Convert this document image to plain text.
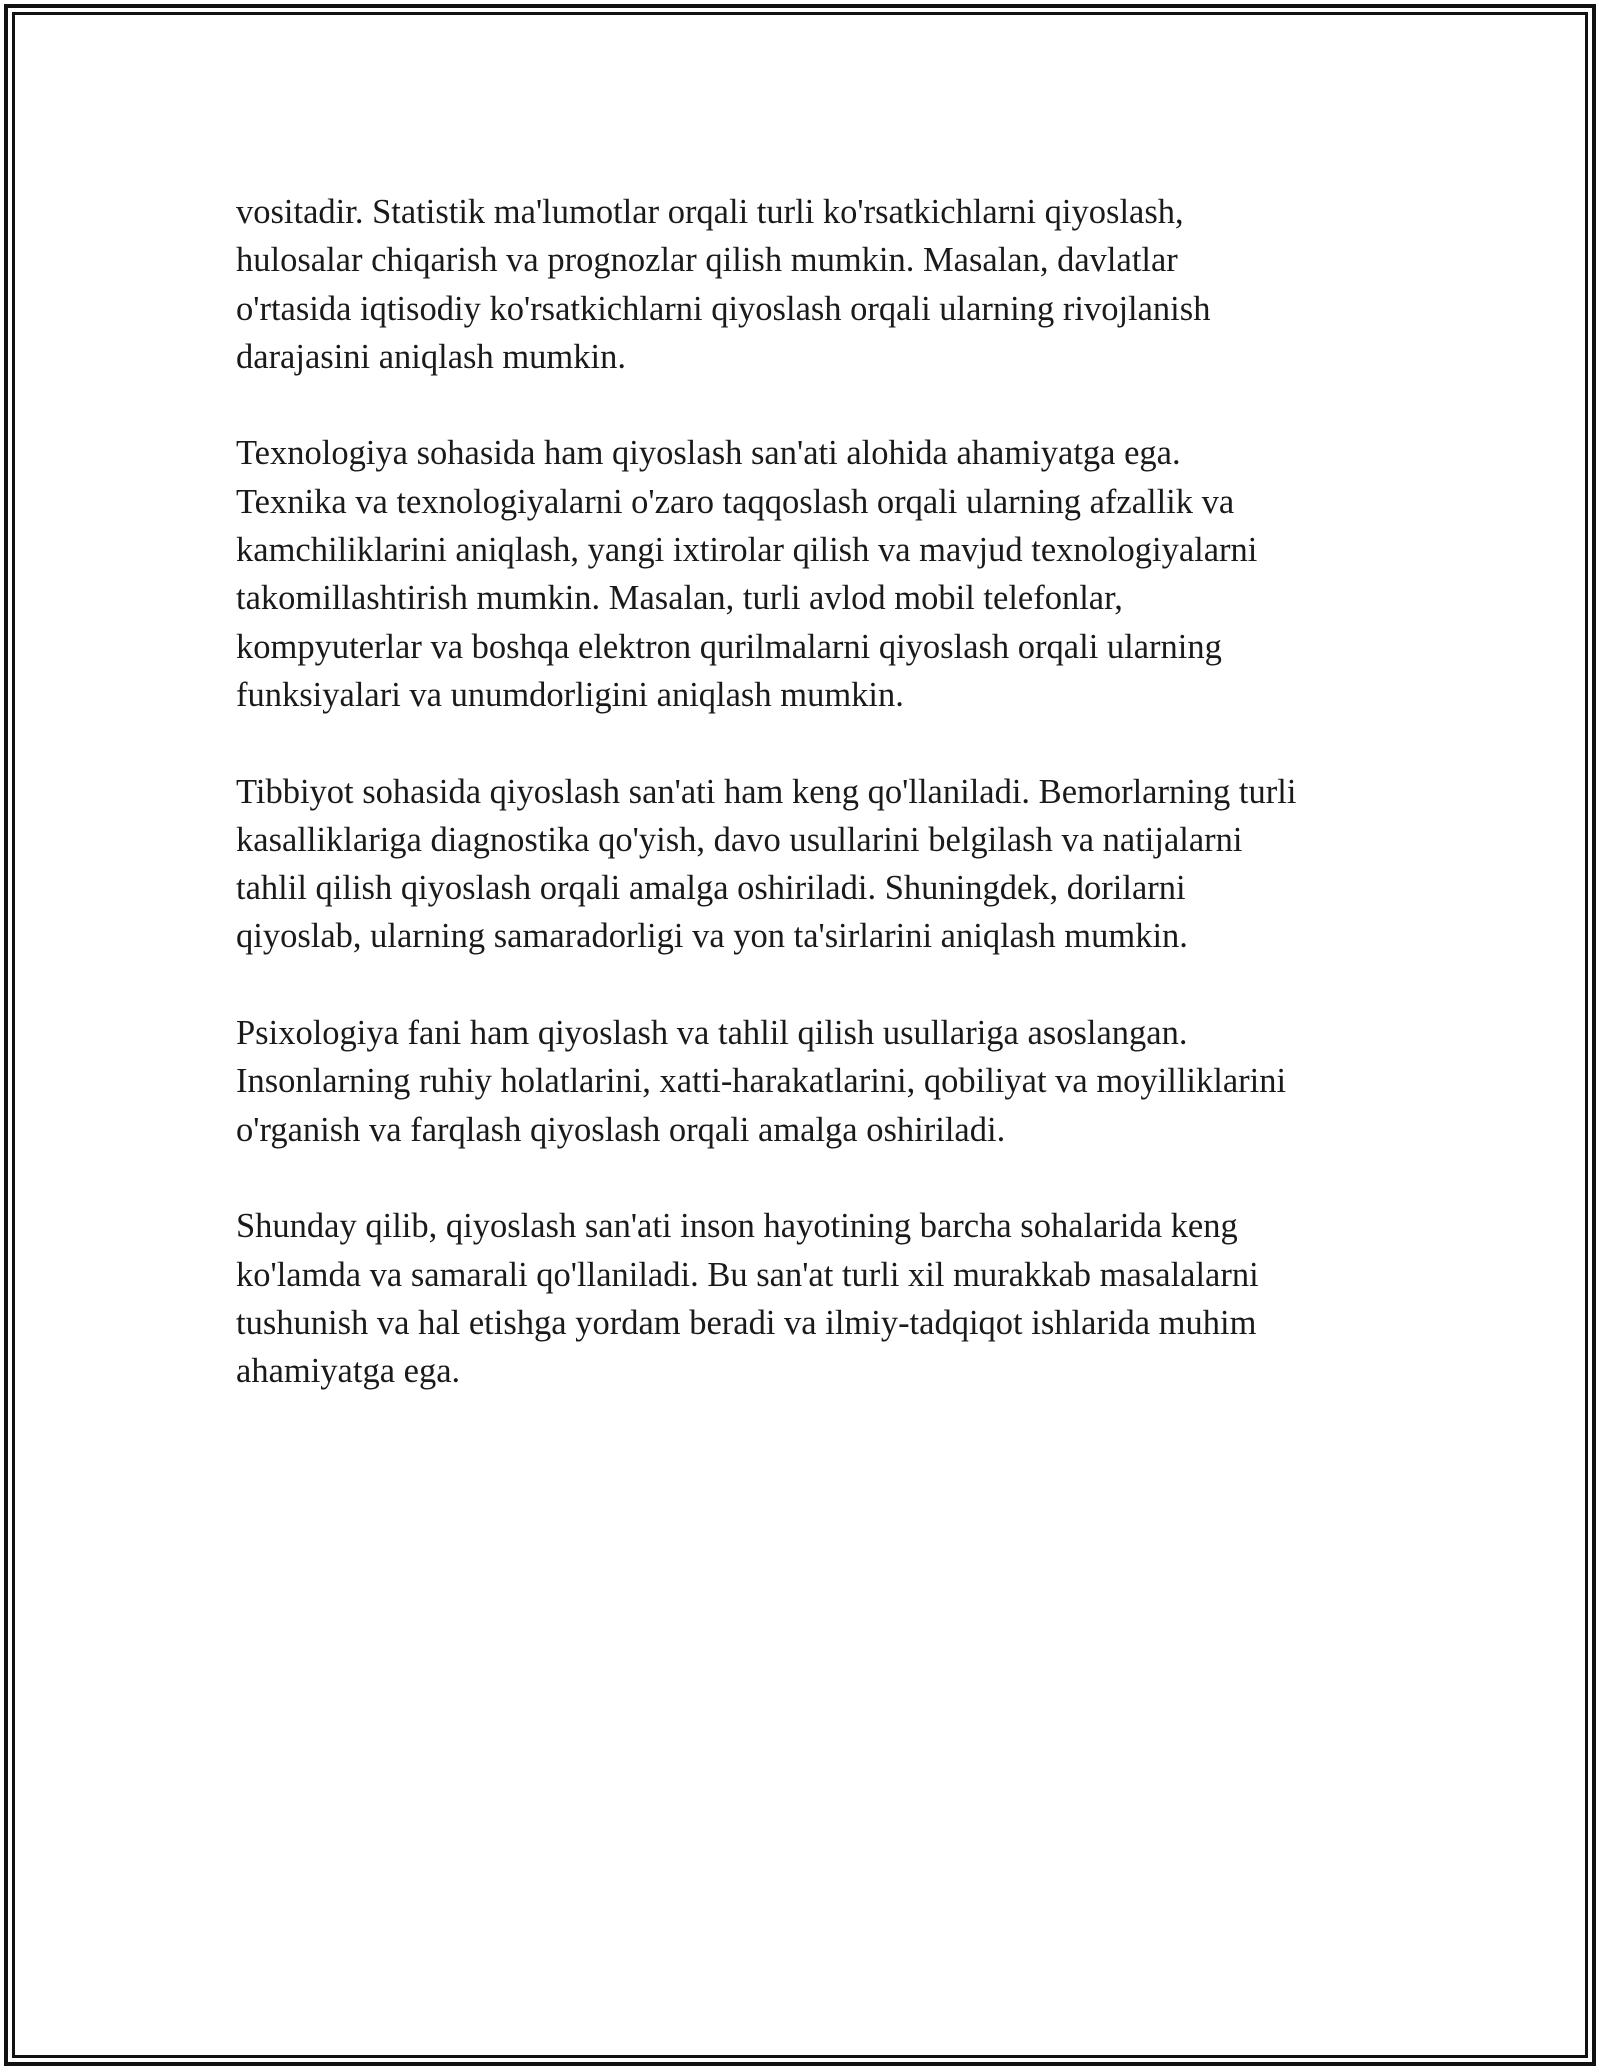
vositadir. Statistik ma'lumotlar orqali turli ko'rsatkichlarni qiyoslash,
hulosalar chiqarish va prognozlar qilish mumkin. Masalan, davlatlar
o'rtasida iqtisodiy ko'rsatkichlarni qiyoslash orqali ularning rivojlanish
darajasini aniqlash mumkin.

Texnologiya sohasida ham qiyoslash san'ati alohida ahamiyatga ega.
Texnika va texnologiyalarni o'zaro taqqoslash orqali ularning afzallik va
kamchiliklarini aniqlash, yangi ixtirolar qilish va mavjud texnologiyalarni
takomillashtirish mumkin. Masalan, turli avlod mobil telefonlar,
kompyuterlar va boshqa elektron qurilmalarni qiyoslash orqali ularning
funksiyalari va unumdorligini aniqlash mumkin.

Tibbiyot sohasida qiyoslash san'ati ham keng qo'llaniladi. Bemorlarning turli
kasalliklariga diagnostika qo'yish, davo usullarini belgilash va natijalarni
tahlil qilish qiyoslash orqali amalga oshiriladi. Shuningdek, dorilarni
qiyoslab, ularning samaradorligi va yon ta'sirlarini aniqlash mumkin.

Psixologiya fani ham qiyoslash va tahlil qilish usullariga asoslangan.
Insonlarning ruhiy holatlarini, xatti-harakatlarini, qobiliyat va moyilliklarini
o'rganish va farqlash qiyoslash orqali amalga oshiriladi.

Shunday qilib, qiyoslash san'ati inson hayotining barcha sohalarida keng
ko'lamda va samarali qo'llaniladi. Bu san'at turli xil murakkab masalalarni
tushunish va hal etishga yordam beradi va ilmiy-tadqiqot ishlarida muhim
ahamiyatga ega.
